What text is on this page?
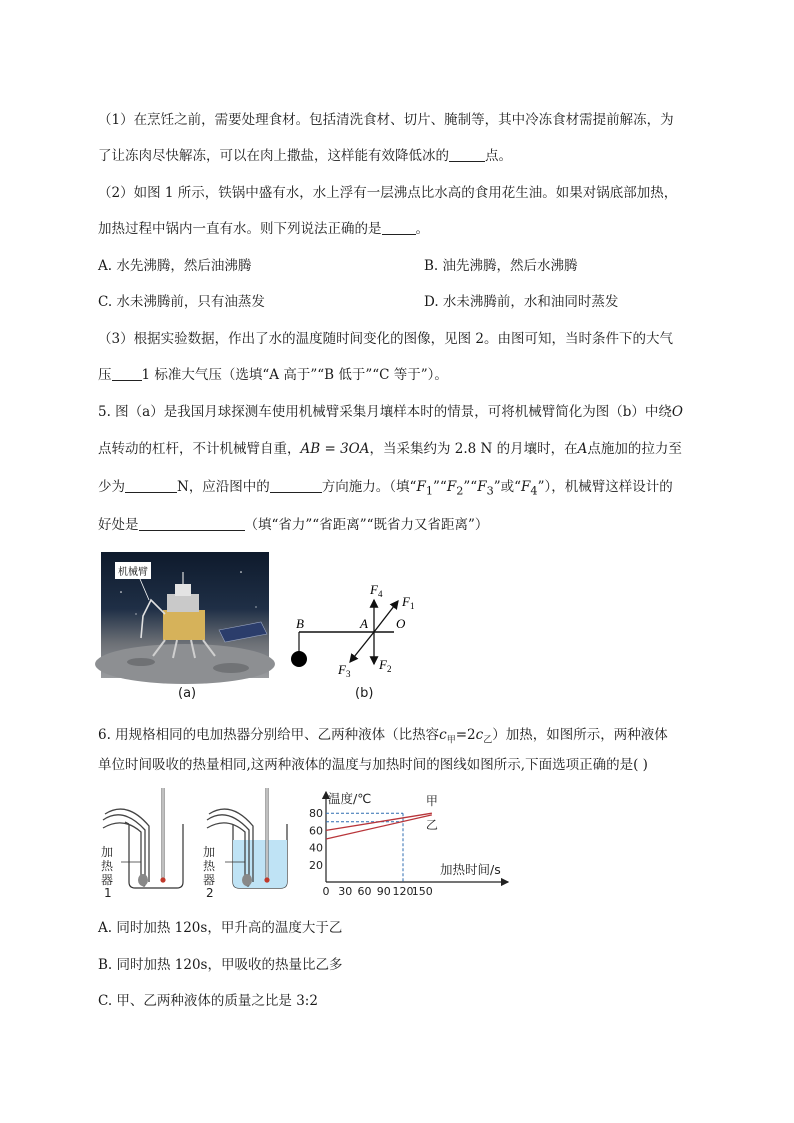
（1）在烹饪之前，需要处理食材。包括清洗食材、切片、腌制等，其中冷冻食材需提前解冻，为
了让冻肉尽快解冻，可以在肉上撒盐，这样能有效降低冰的	点。
（2）如图 1 所示，铁锅中盛有水，水上浮有一层沸点比水高的食用花生油。如果对锅底部加热，
加热过程中锅内一直有水。则下列说法正确的是	。
A. 水先沸腾，然后油沸腾	B. 油先沸腾，然后水沸腾
C. 水未沸腾前，只有油蒸发	D. 水未沸腾前，水和油同时蒸发
（3）根据实验数据，作出了水的温度随时间变化的图像，见图 2。由图可知，当时条件下的大气
压 1 标准大气压（选填“A 高于”“B 低于”“C 等于”）。
5. 图（a）是我国月球探测车使用机械臂采集月壤样本时的情景，可将机械臂简化为图（b）中绕O
点转动的杠杆，不计机械臂自重，AB = 3OA，当采集约为 2.8 N 的月壤时，在A点施加的拉力至
少为	N，应沿图中的	方向施力。（填“$F_1”“F_2”“F_3$”或“$F_4$”），机械臂这样设计的
好处是	（填“省力”“省距离”“既省力又省距离”）
机械臂
(a)
B	A O
$F_4$ $F_1$
$F_2$
$F_3$
(b)
6. 用规格相同的电加热器分别给甲、乙两种液体（比热容$c_甲=2c_乙$）加热，如图所示，两种液体
单位时间吸收的热量相同,这两种液体的温度与加热时间的图线如图所示,下面选项正确的是( )
加 热 器 1
加 热 器 2
甲
乙
20
40
60
80
0 30 60 90 120
150
温度/℃
加热时间/s
A. 同时加热 120s，甲升高的温度大于乙
B. 同时加热 120s，甲吸收的热量比乙多
C. 甲、乙两种液体的质量之比是 3:2
